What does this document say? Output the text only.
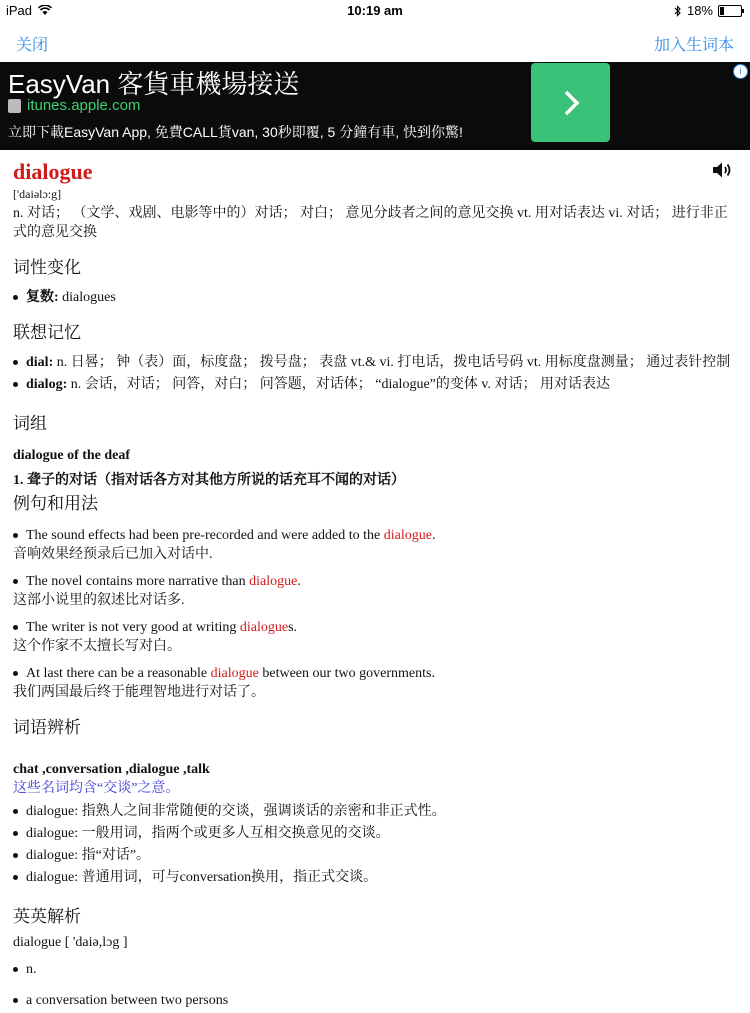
iPad	10:19 am	18%
关闭	加入生词本
EasyVan 客貨車機場接送
itunes.apple.com
立即下載EasyVan App, 免費CALL貨van, 30秒即覆, 5 分鐘有車, 快到你驚!
i

dialogue

['daiəlɔ:g]

n. 对话； （文学、戏剧、电影等中的）对话； 对白； 意见分歧者之间的意见交换 vt. 用对话表达 vi. 对话； 进行非正式的意见交换

词性变化
复数: dialogues
联想记忆
dial: n. 日晷； 钟（表）面，标度盘； 拨号盘； 表盘 vt.& vi. 打电话，拨电话号码 vt. 用标度盘测量； 通过表针控制
dialog: n. 会话，对话； 问答，对白； 问答题，对话体； “dialogue”的变体 v. 对话； 用对话表达
词组
dialogue of the deaf
1. 聋子的对话（指对话各方对其他方所说的话充耳不闻的对话）
例句和用法
The sound effects had been pre-recorded and were added to the dialogue.
音响效果经预录后已加入对话中.
The novel contains more narrative than dialogue.
这部小说里的叙述比对话多.
The writer is not very good at writing dialogues.
这个作家不太擅长写对白。
At last there can be a reasonable dialogue between our two governments.
我们两国最后终于能理智地进行对话了。
词语辨析
chat ,conversation ,dialogue ,talk
这些名词均含“交谈”之意。
dialogue: 指熟人之间非常随便的交谈，强调谈话的亲密和非正式性。
dialogue: 一般用词，指两个或更多人互相交换意见的交谈。
dialogue: 指“对话”。
dialogue: 普通用词，可与conversation换用，指正式交谈。
英英解析
dialogue [ 'daiə,lɔg ]
n.
a conversation between two persons
